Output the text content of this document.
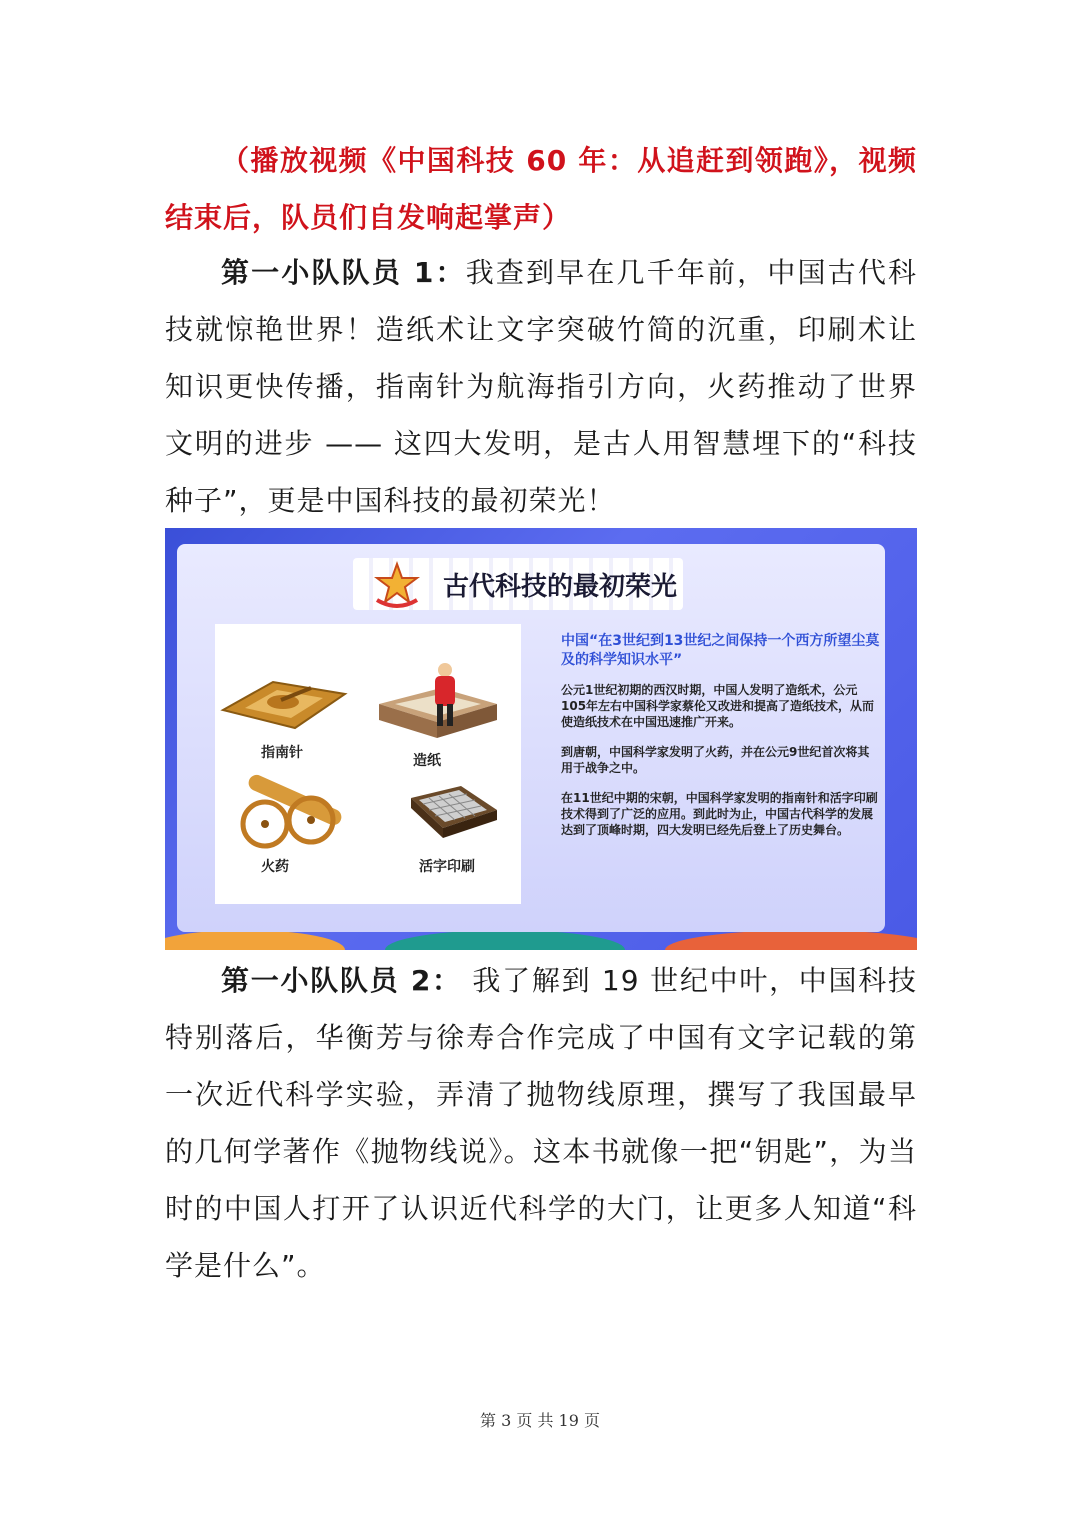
（播放视频《中国科技 60 年：从追赶到领跑》，视频结束后，队员们自发响起掌声）

第一小队队员 1：我查到早在几千年前，中国古代科技就惊艳世界！造纸术让文字突破竹简的沉重，印刷术让知识更快传播，指南针为航海指引方向，火药推动了世界文明的进步 —— 这四大发明，是古人用智慧埋下的“科技种子”，更是中国科技的最初荣光！

古代科技的最初荣光

指南针	造纸

火药	活字印刷

中国“在3世纪到13世纪之间保持一个西方所望尘莫及的科学知识水平”

公元1世纪初期的西汉时期，中国人发明了造纸术，公元105年左右中国科学家蔡伦又改进和提高了造纸技术，从而使造纸技术在中国迅速推广开来。

到唐朝，中国科学家发明了火药，并在公元9世纪首次将其用于战争之中。

在11世纪中期的宋朝，中国科学家发明的指南针和活字印刷技术得到了广泛的应用。到此时为止，中国古代科学的发展达到了顶峰时期，四大发明已经先后登上了历史舞台。

第一小队队员 2： 我了解到 19 世纪中叶，中国科技特别落后，华衡芳与徐寿合作完成了中国有文字记载的第一次近代科学实验，弄清了抛物线原理，撰写了我国最早的几何学著作《抛物线说》。这本书就像一把“钥匙”，为当时的中国人打开了认识近代科学的大门，让更多人知道“科学是什么”。

第 3 页 共 19 页
